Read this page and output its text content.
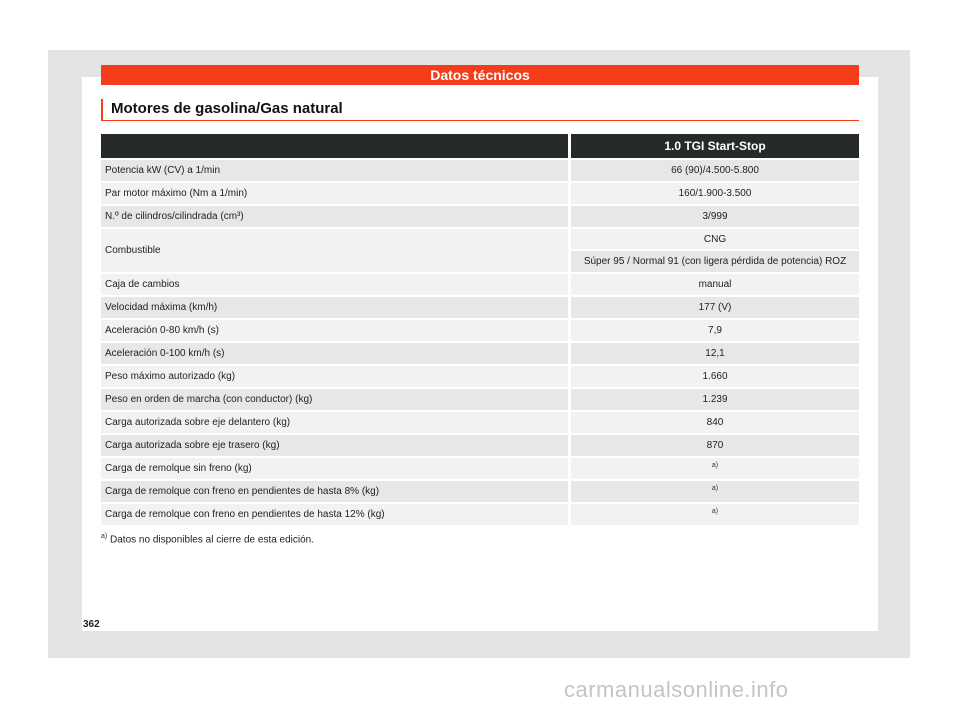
Datos técnicos
Motores de gasolina/Gas natural
		1.0 TGI Start-Stop
Potencia kW (CV) a 1/min		66 (90)/4.500-5.800
Par motor máximo (Nm a 1/min)		160/1.900-3.500
N.º de cilindros/cilindrada (cm³)		3/999
Combustible		CNG
		Súper 95 / Normal 91 (con ligera pérdida de potencia) ROZ
Caja de cambios		manual
Velocidad máxima (km/h)		177 (V)
Aceleración 0-80 km/h (s)		7,9
Aceleración 0-100 km/h (s)		12,1
Peso máximo autorizado (kg)		1.660
Peso en orden de marcha (con conductor) (kg)		1.239
Carga autorizada sobre eje delantero (kg)		840
Carga autorizada sobre eje trasero (kg)		870
Carga de remolque sin freno (kg)		$^{a)}$
Carga de remolque con freno en pendientes de hasta 8% (kg)		$^{a)}$
Carga de remolque con freno en pendientes de hasta 12% (kg)		$^{a)}$
$^{a)}$ Datos no disponibles al cierre de esta edición.
362
carmanualsonline.info
